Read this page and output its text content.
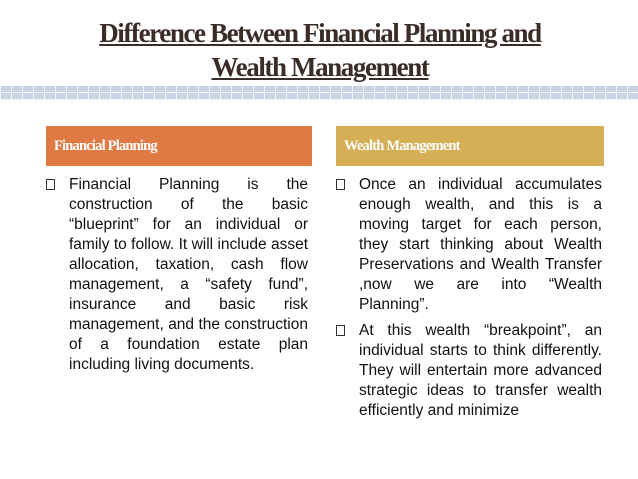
Difference Between Financial Planning and
Wealth Management
Financial Planning	Wealth Management
Financial Planning is the construction of the basic “blueprint” for an individual or family to follow. It will include asset allocation, taxation, cash flow management, a “safety fund”, insurance and basic risk management, and the construction of a foundation estate plan including living documents.
Once an individual accumulates enough wealth, and this is a moving target for each person, they start thinking about Wealth Preservations and Wealth Transfer ,now we are into “Wealth Planning”.
At this wealth “breakpoint”, an individual starts to think differently. They will entertain more advanced strategic ideas to transfer wealth efficiently and minimize
